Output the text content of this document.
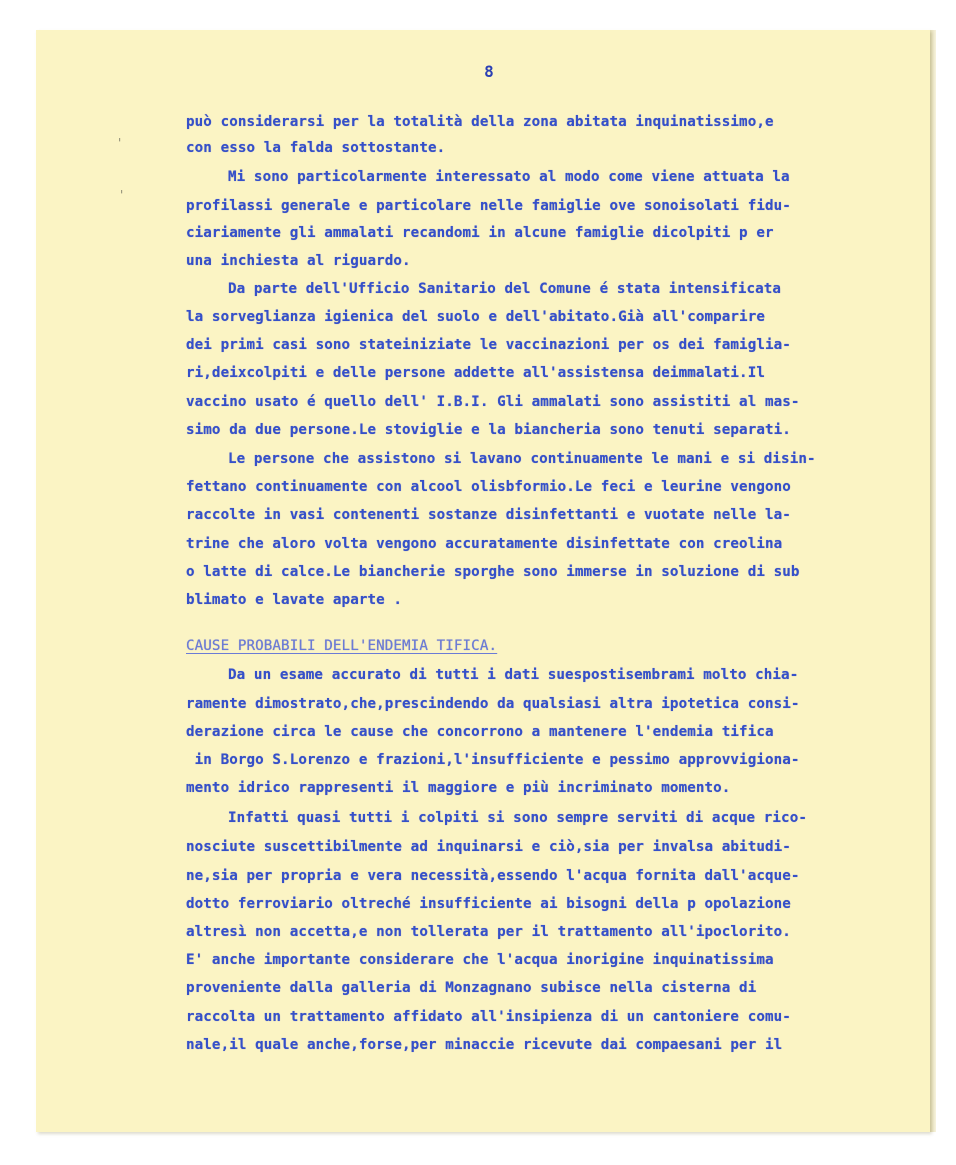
8
può considerarsi per la totalità della zona abitata inquinatissimo,e
con esso la falda sottostante.
Mi sono particolarmente interessato al modo come viene attuata la
profilassi generale e particolare nelle famiglie ove sonoisolati fidu-
ciariamente gli ammalati recandomi in alcune famiglie dicolpiti p er
una inchiesta al riguardo.
Da parte dell'Ufficio Sanitario del Comune é stata intensificata
la sorveglianza igienica del suolo e dell'abitato.Già all'comparire
dei primi casi sono stateiniziate le vaccinazioni per os dei famiglia-
ri,deixcolpiti e delle persone addette all'assistensa deimmalati.Il
vaccino usato é quello dell' I.B.I. Gli ammalati sono assistiti al mas-
simo da due persone.Le stoviglie e la biancheria sono tenuti separati.
Le persone che assistono si lavano continuamente le mani e si disin-
fettano continuamente con alcool olisbformio.Le feci e leurine vengono
raccolte in vasi contenenti sostanze disinfettanti e vuotate nelle la-
trine che aloro volta vengono accuratamente disinfettate con creolina
o latte di calce.Le biancherie sporghe sono immerse in soluzione di sub
blimato e lavate aparte .
CAUSE PROBABILI DELL'ENDEMIA TIFICA.
Da un esame accurato di tutti i dati suespostisembrami molto chia-
ramente dimostrato,che,prescindendo da qualsiasi altra ipotetica consi-
derazione circa le cause che concorrono a mantenere l'endemia tifica
in Borgo S.Lorenzo e frazioni,l'insufficiente e pessimo approvvigiona-
mento idrico rappresenti il maggiore e più incriminato momento.
Infatti quasi tutti i colpiti si sono sempre serviti di acque rico-
nosciute suscettibilmente ad inquinarsi e ciò,sia per invalsa abitudi-
ne,sia per propria e vera necessità,essendo l'acqua fornita dall'acque-
dotto ferroviario oltreché insufficiente ai bisogni della p opolazione
altresì non accetta,e non tollerata per il trattamento all'ipoclorito.
E' anche importante considerare che l'acqua inorigine inquinatissima
proveniente dalla galleria di Monzagnano subisce nella cisterna di
raccolta un trattamento affidato all'insipienza di un cantoniere comu-
nale,il quale anche,forse,per minaccie ricevute dai compaesani per il
'
'
